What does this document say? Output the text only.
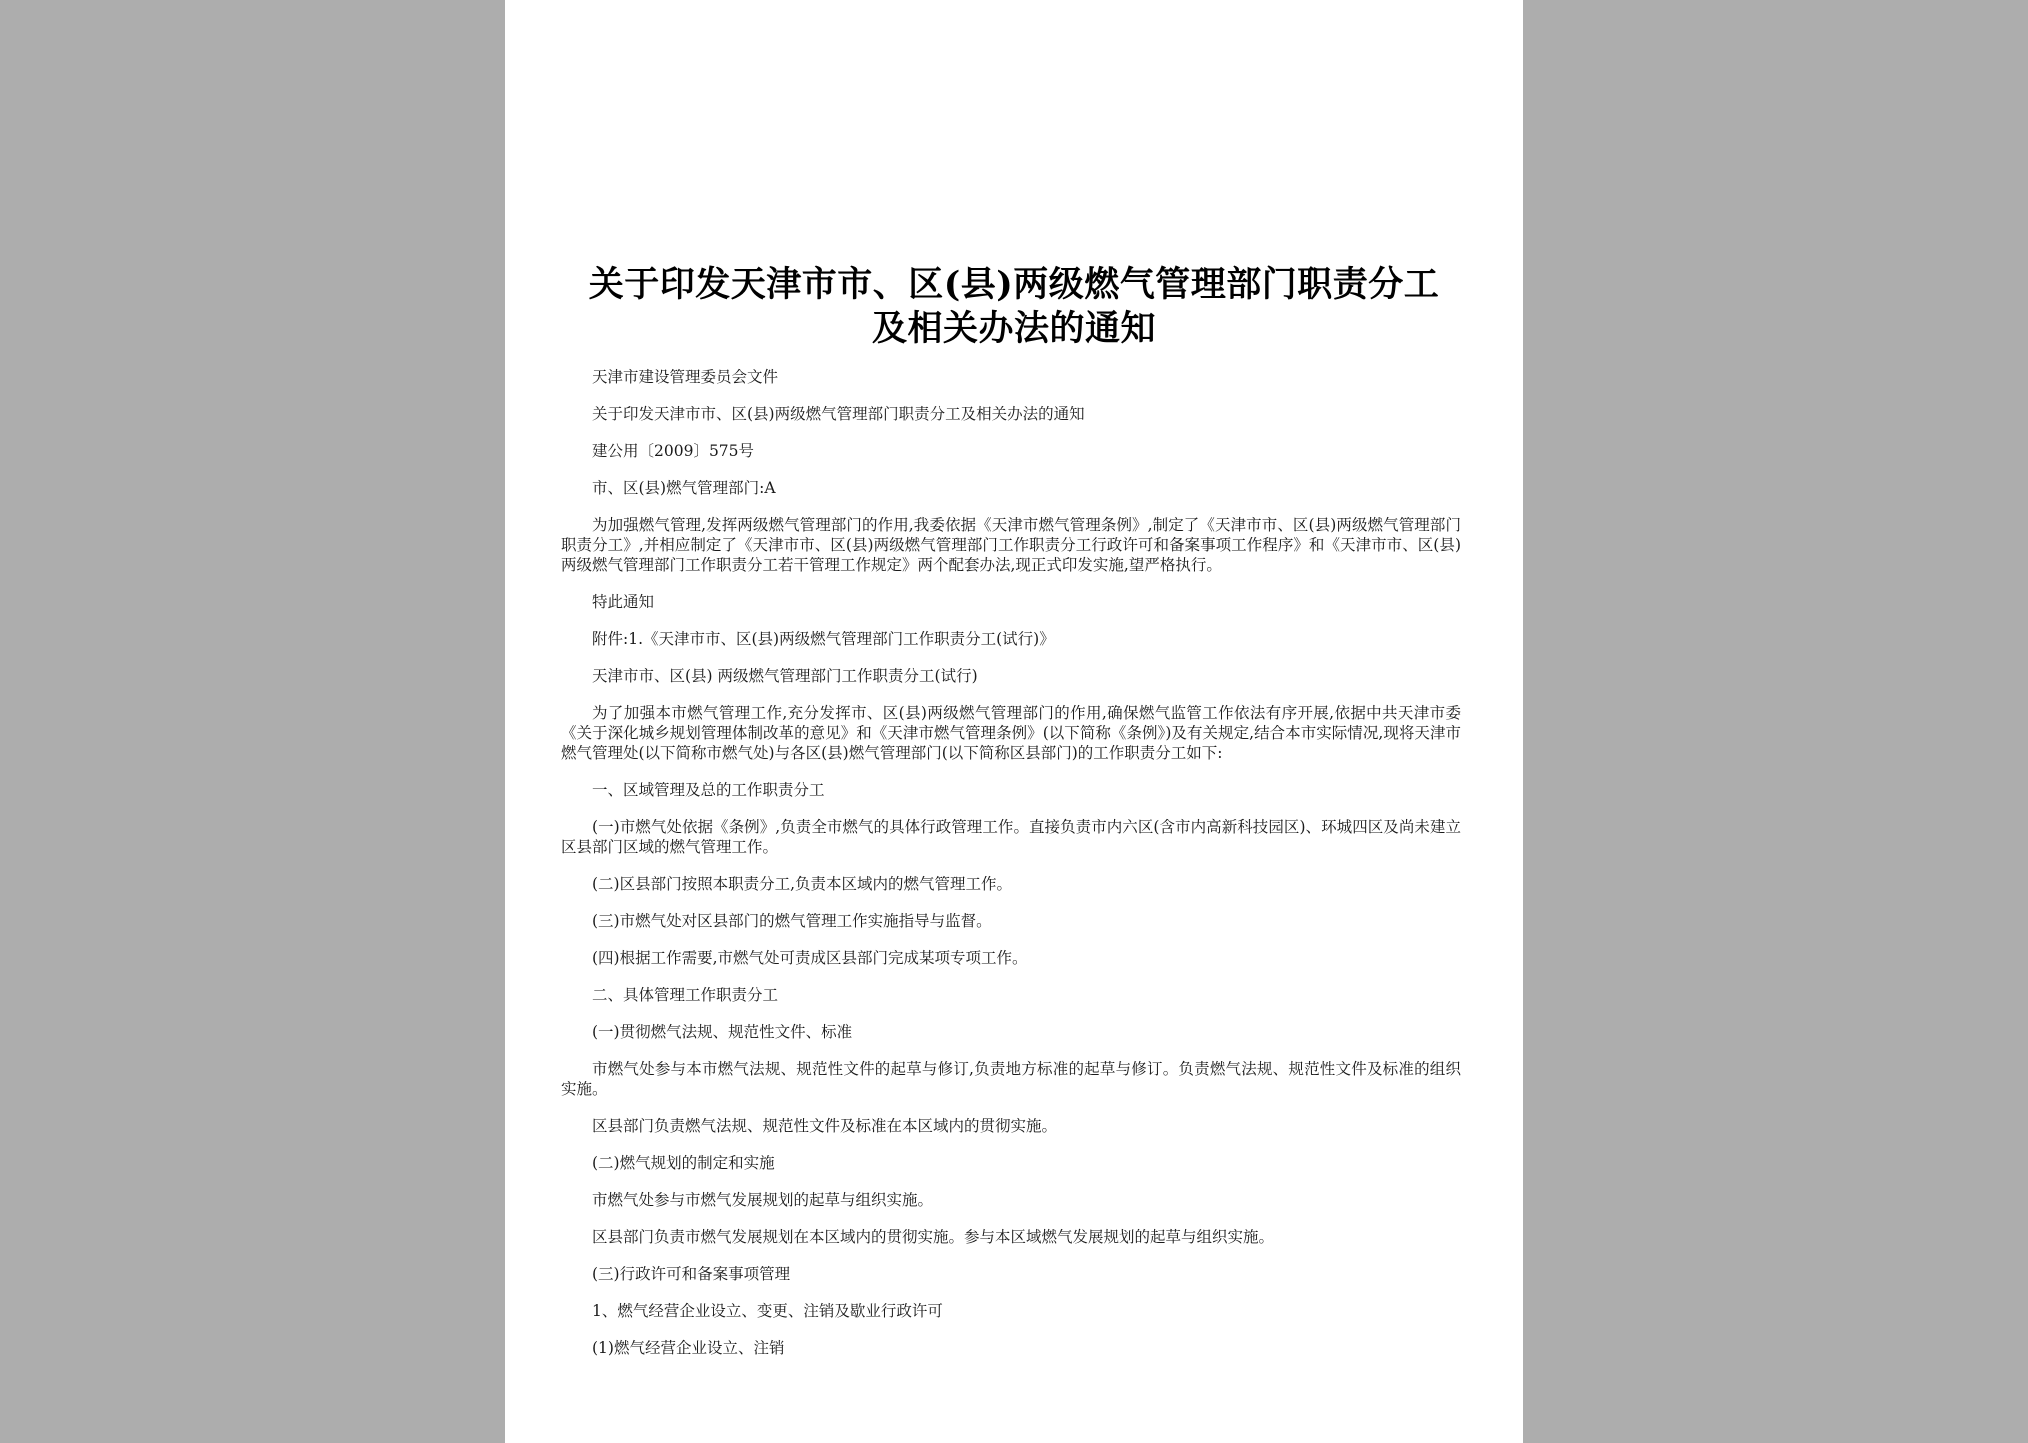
关于印发天津市市、区(县)两级燃气管理部门职责分工
及相关办法的通知
天津市建设管理委员会文件
关于印发天津市市、区(县)两级燃气管理部门职责分工及相关办法的通知
建公用〔2009〕575号
市、区(县)燃气管理部门:A
为加强燃气管理,发挥两级燃气管理部门的作用,我委依据《天津市燃气管理条例》,制定了《天津市市、区(县)两级燃气管理部门职责分工》,并相应制定了《天津市市、区(县)两级燃气管理部门工作职责分工行政许可和备案事项工作程序》和《天津市市、区(县)两级燃气管理部门工作职责分工若干管理工作规定》两个配套办法,现正式印发实施,望严格执行。
特此通知
附件:1.《天津市市、区(县)两级燃气管理部门工作职责分工(试行)》
天津市市、区(县) 两级燃气管理部门工作职责分工(试行)
为了加强本市燃气管理工作,充分发挥市、区(县)两级燃气管理部门的作用,确保燃气监管工作依法有序开展,依据中共天津市委《关于深化城乡规划管理体制改革的意见》和《天津市燃气管理条例》(以下简称《条例》)及有关规定,结合本市实际情况,现将天津市燃气管理处(以下简称市燃气处)与各区(县)燃气管理部门(以下简称区县部门)的工作职责分工如下:
一、区域管理及总的工作职责分工
(一)市燃气处依据《条例》,负责全市燃气的具体行政管理工作。直接负责市内六区(含市内高新科技园区)、环城四区及尚未建立区县部门区域的燃气管理工作。
(二)区县部门按照本职责分工,负责本区域内的燃气管理工作。
(三)市燃气处对区县部门的燃气管理工作实施指导与监督。
(四)根据工作需要,市燃气处可责成区县部门完成某项专项工作。
二、具体管理工作职责分工
(一)贯彻燃气法规、规范性文件、标准
市燃气处参与本市燃气法规、规范性文件的起草与修订,负责地方标准的起草与修订。负责燃气法规、规范性文件及标准的组织实施。
区县部门负责燃气法规、规范性文件及标准在本区域内的贯彻实施。
(二)燃气规划的制定和实施
市燃气处参与市燃气发展规划的起草与组织实施。
区县部门负责市燃气发展规划在本区域内的贯彻实施。参与本区域燃气发展规划的起草与组织实施。
(三)行政许可和备案事项管理
1、燃气经营企业设立、变更、注销及歇业行政许可
(1)燃气经营企业设立、注销
